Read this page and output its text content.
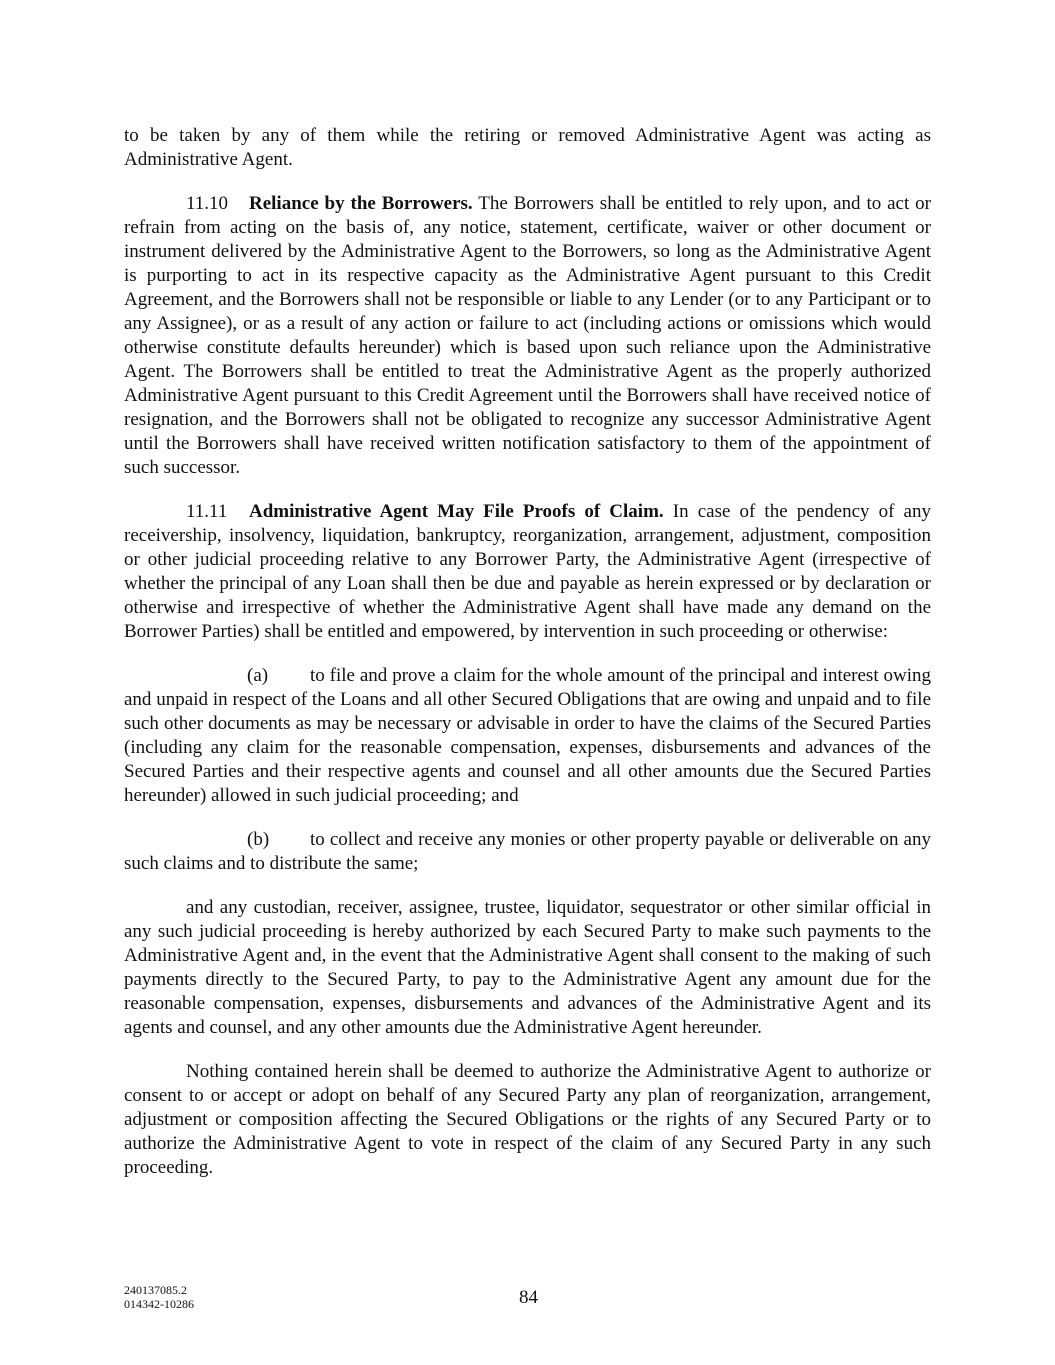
to be taken by any of them while the retiring or removed Administrative Agent was acting as Administrative Agent.

11.10 Reliance by the Borrowers. The Borrowers shall be entitled to rely upon, and to act or refrain from acting on the basis of, any notice, statement, certificate, waiver or other document or instrument delivered by the Administrative Agent to the Borrowers, so long as the Administrative Agent is purporting to act in its respective capacity as the Administrative Agent pursuant to this Credit Agreement, and the Borrowers shall not be responsible or liable to any Lender (or to any Participant or to any Assignee), or as a result of any action or failure to act (including actions or omissions which would otherwise constitute defaults hereunder) which is based upon such reliance upon the Administrative Agent. The Borrowers shall be entitled to treat the Administrative Agent as the properly authorized Administrative Agent pursuant to this Credit Agreement until the Borrowers shall have received notice of resignation, and the Borrowers shall not be obligated to recognize any successor Administrative Agent until the Borrowers shall have received written notification satisfactory to them of the appointment of such successor.

11.11 Administrative Agent May File Proofs of Claim. In case of the pendency of any receivership, insolvency, liquidation, bankruptcy, reorganization, arrangement, adjustment, composition or other judicial proceeding relative to any Borrower Party, the Administrative Agent (irrespective of whether the principal of any Loan shall then be due and payable as herein expressed or by declaration or otherwise and irrespective of whether the Administrative Agent shall have made any demand on the Borrower Parties) shall be entitled and empowered, by intervention in such proceeding or otherwise:

(a) to file and prove a claim for the whole amount of the principal and interest owing and unpaid in respect of the Loans and all other Secured Obligations that are owing and unpaid and to file such other documents as may be necessary or advisable in order to have the claims of the Secured Parties (including any claim for the reasonable compensation, expenses, disbursements and advances of the Secured Parties and their respective agents and counsel and all other amounts due the Secured Parties hereunder) allowed in such judicial proceeding; and

(b) to collect and receive any monies or other property payable or deliverable on any such claims and to distribute the same;

and any custodian, receiver, assignee, trustee, liquidator, sequestrator or other similar official in any such judicial proceeding is hereby authorized by each Secured Party to make such payments to the Administrative Agent and, in the event that the Administrative Agent shall consent to the making of such payments directly to the Secured Party, to pay to the Administrative Agent any amount due for the reasonable compensation, expenses, disbursements and advances of the Administrative Agent and its agents and counsel, and any other amounts due the Administrative Agent hereunder.

Nothing contained herein shall be deemed to authorize the Administrative Agent to authorize or consent to or accept or adopt on behalf of any Secured Party any plan of reorganization, arrangement, adjustment or composition affecting the Secured Obligations or the rights of any Secured Party or to authorize the Administrative Agent to vote in respect of the claim of any Secured Party in any such proceeding.

240137085.2
014342-10286	84
